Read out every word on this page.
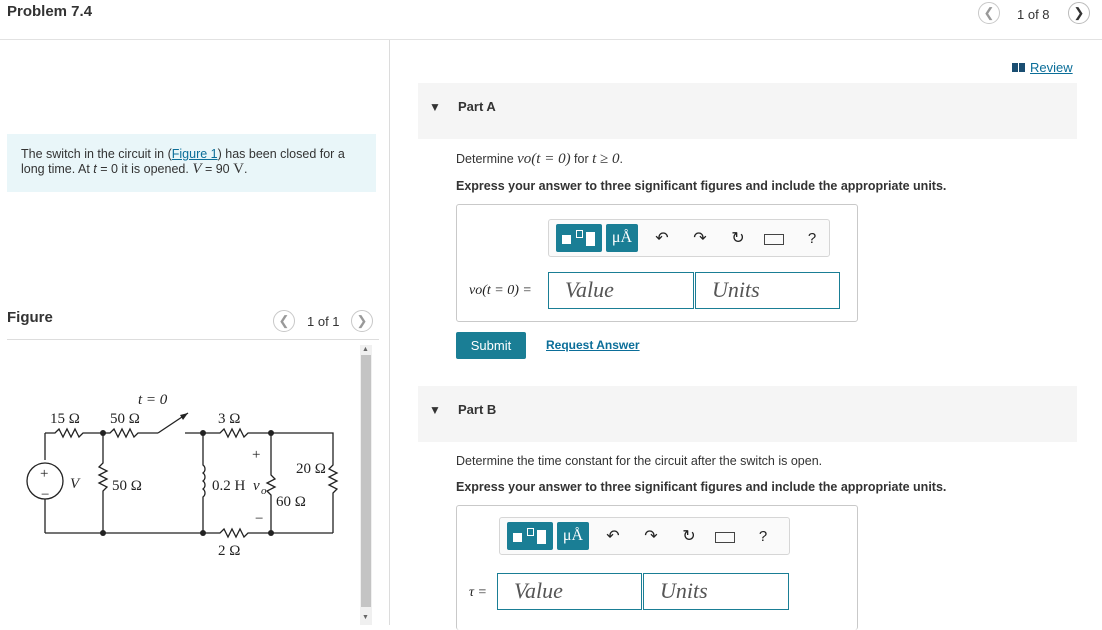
Problem 7.4	❮ 1 of 8 ❯
The switch in the circuit in (Figure 1) has been closed for a long time. At t = 0 it is opened. V = 90 V.
Figure	❮ 1 of 1 ❯
t = 0
15 Ω 50 Ω	3 Ω
+
20 Ω
+
−
V 50 Ω	0.2 H v o
60 Ω
−
2 Ω
▲
▼
Review
▼ Part A
Determine vo(t = 0) for t ≥ 0.
Express your answer to three significant figures and include the appropriate units.
μÅ ↶ ↷ ↻	?
vo(t = 0) =	Value	Units
Submit	Request Answer
▼ Part B
Determine the time constant for the circuit after the switch is open.
Express your answer to three significant figures and include the appropriate units.
μÅ ↶ ↷ ↻	?
τ =	Value	Units
